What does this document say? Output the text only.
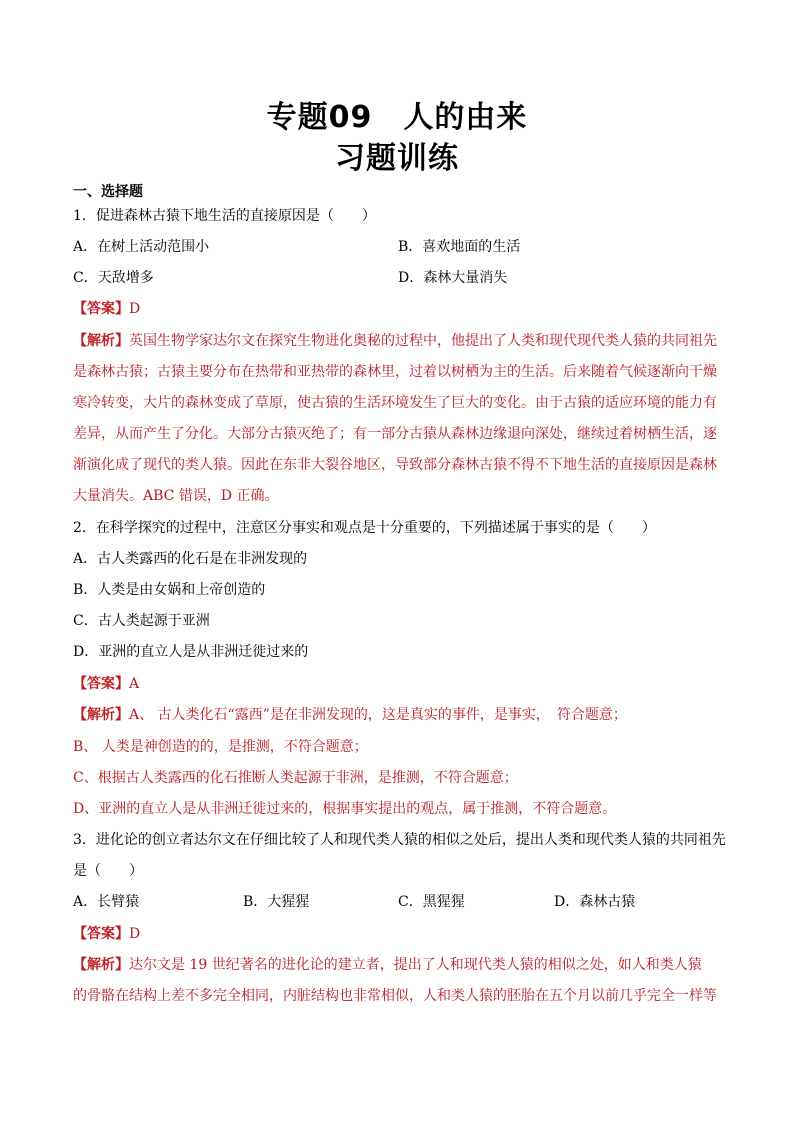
专题09　人的由来
习题训练
一、选择题
1．促进森林古猿下地生活的直接原因是（　　）
A．在树上活动范围小	B．喜欢地面的生活
C．天敌增多	D．森林大量消失
【答案】D
【解析】英国生物学家达尔文在探究生物进化奥秘的过程中，他提出了人类和现代现代类人猿的共同祖先
是森林古猿；古猿主要分布在热带和亚热带的森林里，过着以树栖为主的生活。后来随着气候逐渐向干燥
寒冷转变，大片的森林变成了草原，使古猿的生活环境发生了巨大的变化。由于古猿的适应环境的能力有
差异，从而产生了分化。大部分古猿灭绝了；有一部分古猿从森林边缘退向深处，继续过着树栖生活，逐
渐演化成了现代的类人猿。因此在东非大裂谷地区，导致部分森林古猿不得不下地生活的直接原因是森林
大量消失。ABC 错误，D 正确。
2．在科学探究的过程中，注意区分事实和观点是十分重要的，下列描述属于事实的是（　　）
A．古人类露西的化石是在非洲发现的
B．人类是由女娲和上帝创造的
C．古人类起源于亚洲
D．亚洲的直立人是从非洲迁徙过来的
【答案】A
【解析】A、 古人类化石“露西”是在非洲发现的，这是真实的事件，是事实，　符合题意；
B、 人类是神创造的的，是推测，不符合题意；
C、根据古人类露西的化石推断人类起源于非洲，是推测，不符合题意；
D、亚洲的直立人是从非洲迁徙过来的，根据事实提出的观点，属于推测，不符合题意。
3．进化论的创立者达尔文在仔细比较了人和现代类人猿的相似之处后，提出人类和现代类人猿的共同祖先
是（　　）
A．长臂猿	B．大猩猩	C．黑猩猩	D．森林古猿
【答案】D
【解析】达尔文是 19 世纪著名的进化论的建立者，提出了人和现代类人猿的相似之处，如人和类人猿
的骨骼在结构上差不多完全相同，内脏结构也非常相似，人和类人猿的胚胎在五个月以前几乎完全一样等
